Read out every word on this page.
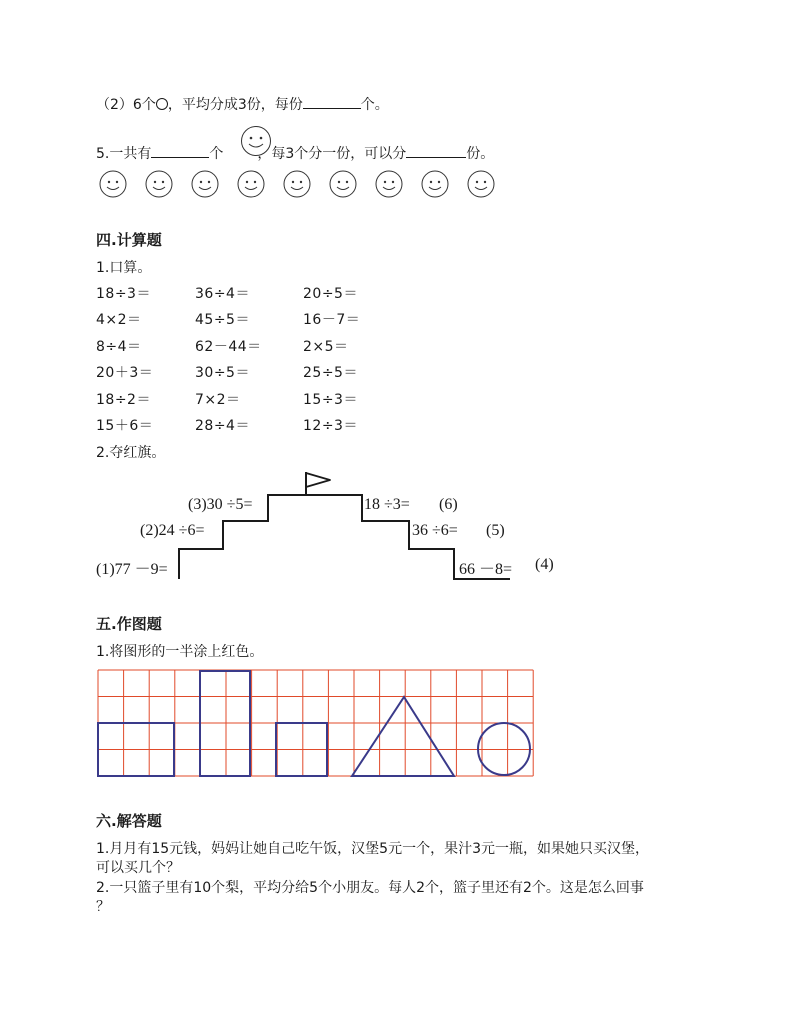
（2）6个 ，平均分成3份，每份	个。
5.一共有	个 ，每3个分一份，可以分	份。
四.计算题
1.口算。
18÷3＝	36÷4＝	20÷5＝
4×2＝	45÷5＝	16－7＝
8÷4＝	62－44＝	2×5＝
20＋3＝	30÷5＝	25÷5＝
18÷2＝	7×2＝	15÷3＝
15＋6＝	28÷4＝	12÷3＝
2.夺红旗。
(1)77 －9=
(2)24 ÷6=
(3)30 ÷5=	18 ÷3= (6)
36 ÷6= (5)
66 －8= (4)
五.作图题
1.将图形的一半涂上红色。
六.解答题
1.月月有15元钱，妈妈让她自己吃午饭，汉堡5元一个，果汁3元一瓶，如果她只买汉堡，
可以买几个？
2.一只篮子里有10个梨，平均分给5个小朋友。每人2个，篮子里还有2个。这是怎么回事
？
